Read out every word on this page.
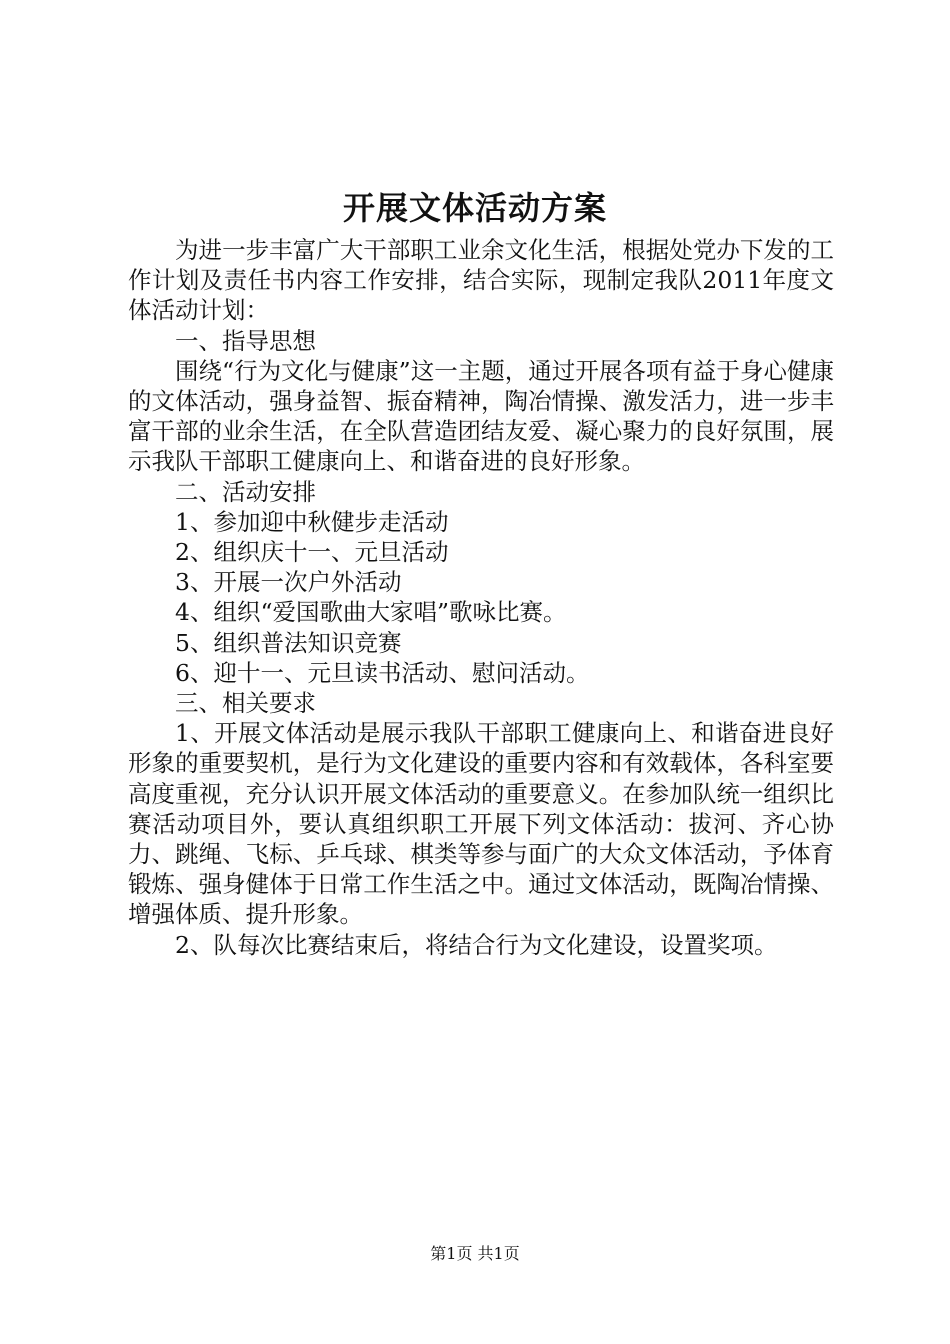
开展文体活动方案

为进一步丰富广大干部职工业余文化生活，根据处党办下发的工作计划及责任书内容工作安排，结合实际，现制定我队2011年度文体活动计划：

一、指导思想

围绕“行为文化与健康”这一主题，通过开展各项有益于身心健康的文体活动，强身益智、振奋精神，陶冶情操、激发活力，进一步丰富干部的业余生活，在全队营造团结友爱、凝心聚力的良好氛围，展示我队干部职工健康向上、和谐奋进的良好形象。

二、活动安排

1、参加迎中秋健步走活动

2、组织庆十一、元旦活动

3、开展一次户外活动

4、组织“爱国歌曲大家唱”歌咏比赛。

5、组织普法知识竞赛

6、迎十一、元旦读书活动、慰问活动。

三、相关要求

1、开展文体活动是展示我队干部职工健康向上、和谐奋进良好形象的重要契机，是行为文化建设的重要内容和有效载体，各科室要高度重视，充分认识开展文体活动的重要意义。在参加队统一组织比赛活动项目外，要认真组织职工开展下列文体活动：拔河、齐心协力、跳绳、飞标、乒乓球、棋类等参与面广的大众文体活动，予体育锻炼、强身健体于日常工作生活之中。通过文体活动，既陶冶情操、增强体质、提升形象。

2、队每次比赛结束后，将结合行为文化建设，设置奖项。

第1页 共1页
